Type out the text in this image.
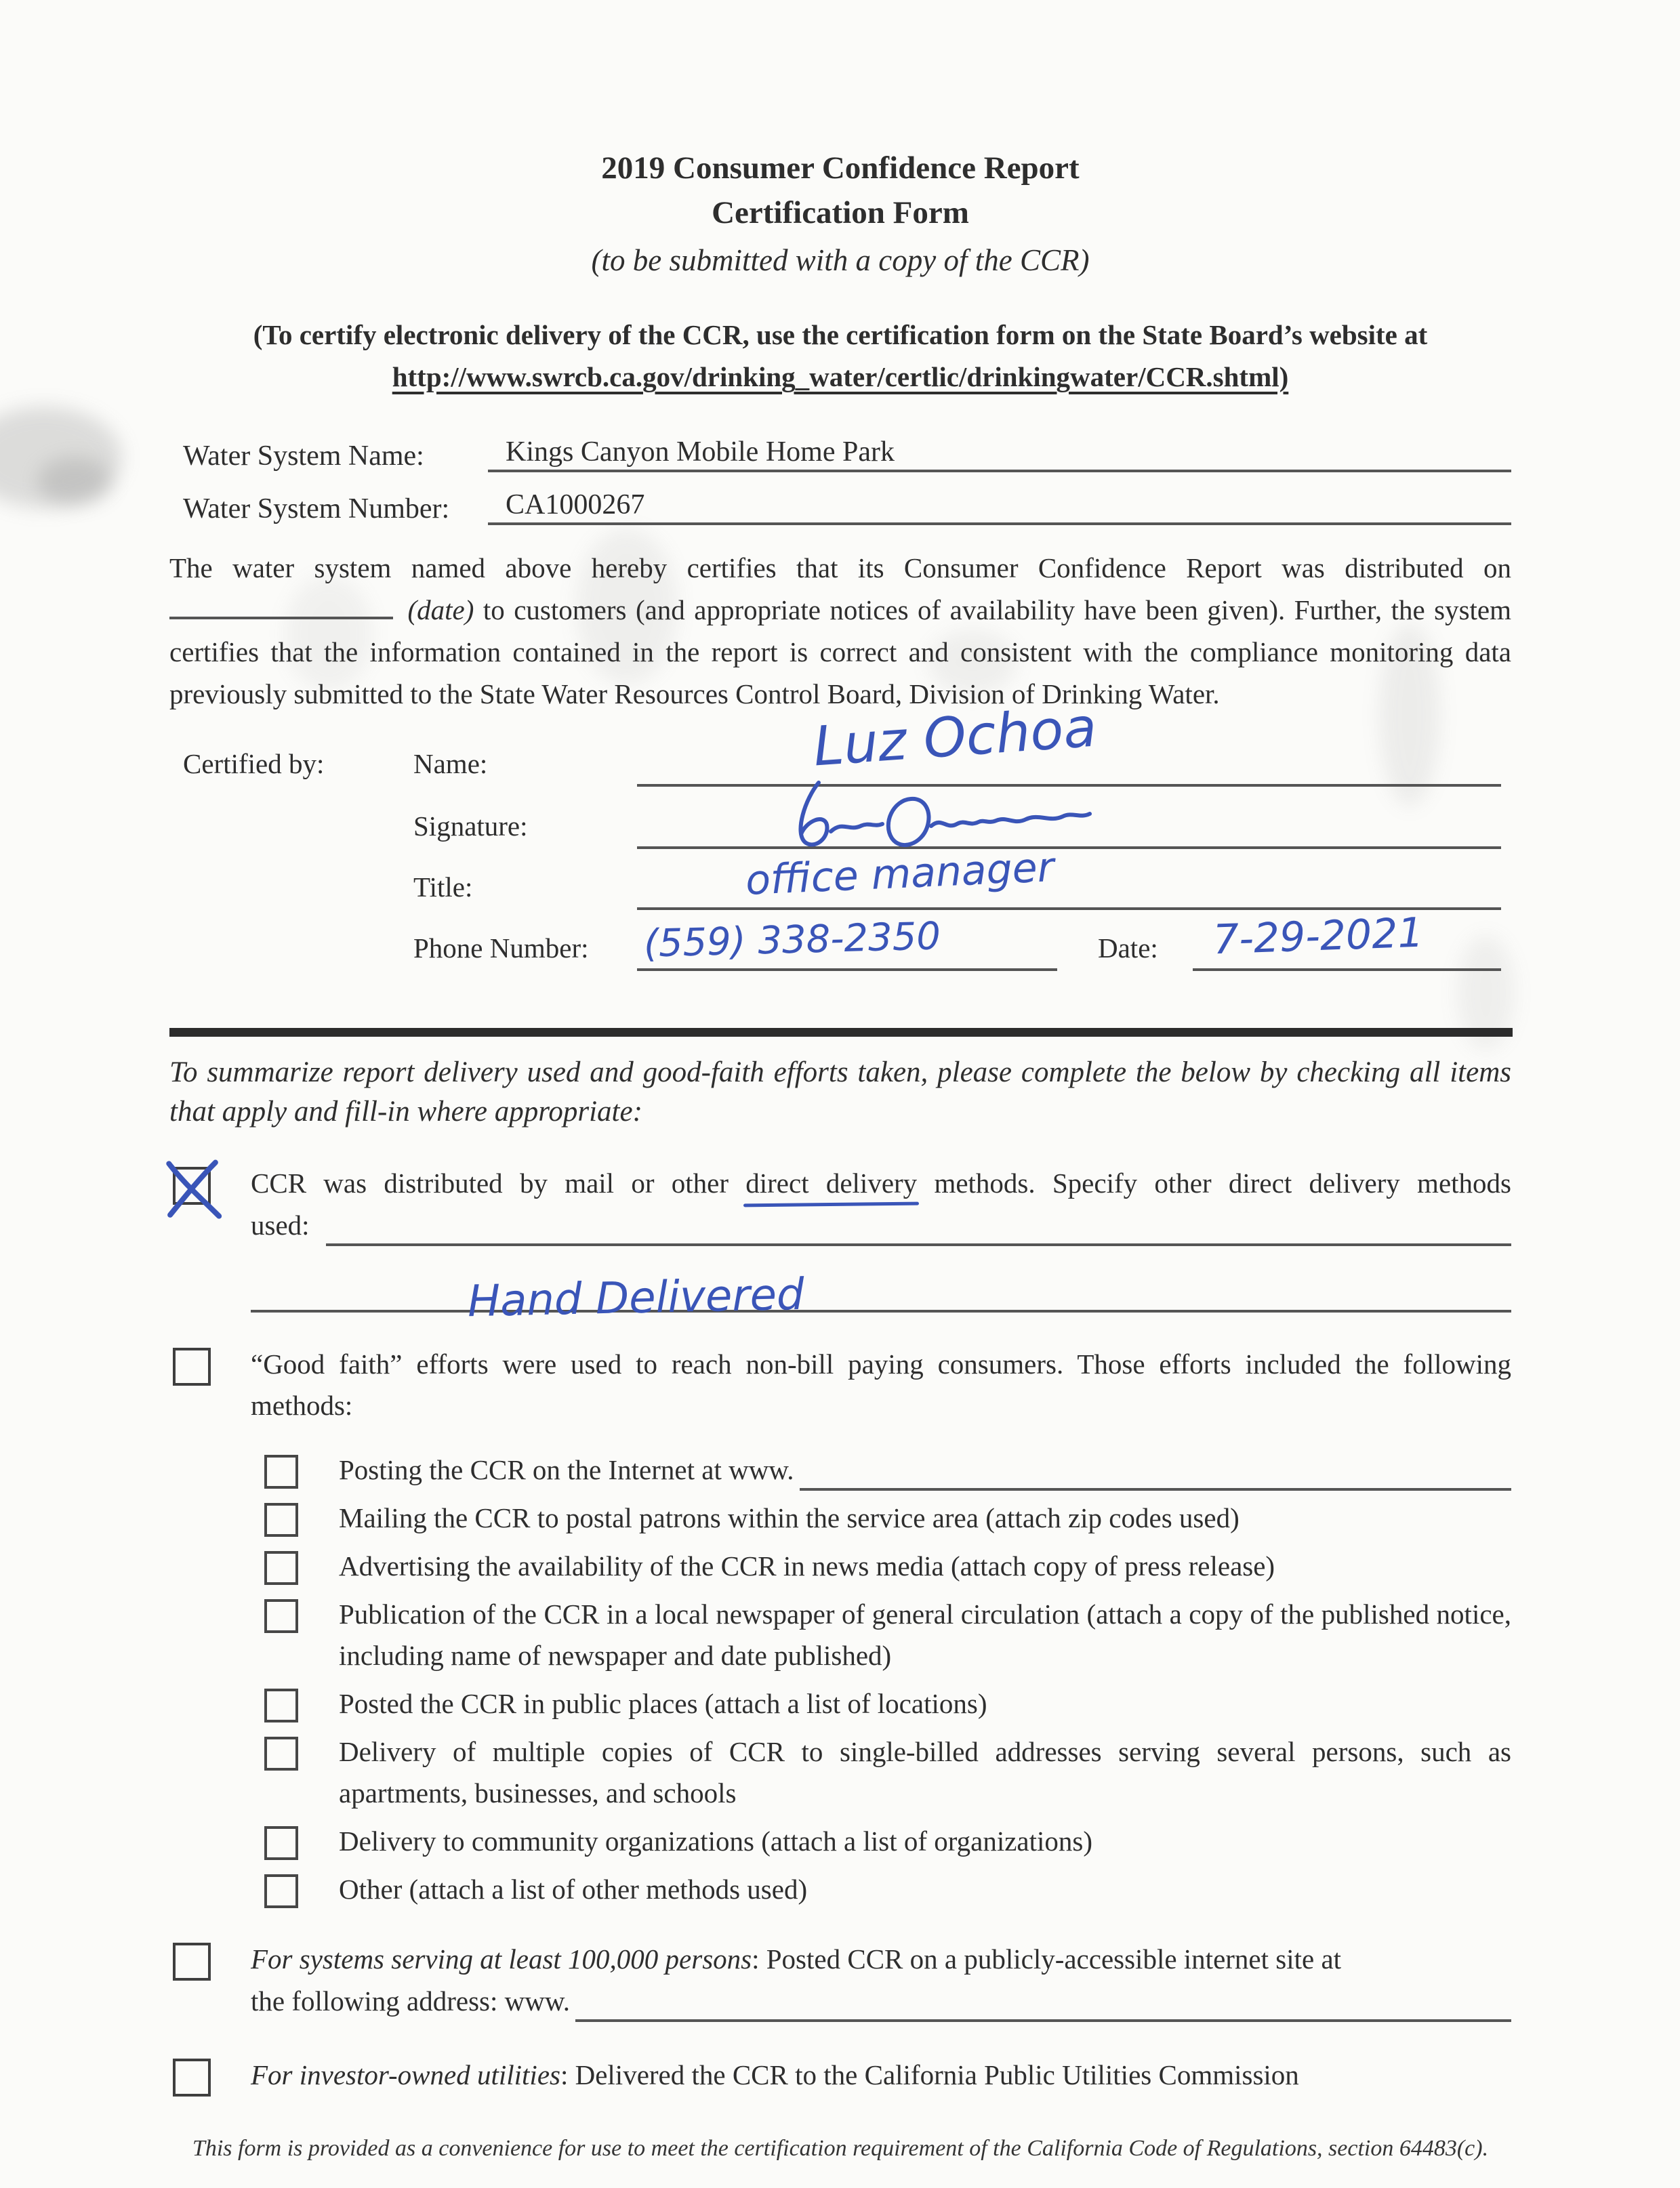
2019 Consumer Confidence Report
Certification Form
(to be submitted with a copy of the CCR)
(To certify electronic delivery of the CCR, use the certification form on the State Board’s website at
http://www.swrcb.ca.gov/drinking_water/certlic/drinkingwater/CCR.shtml)
Water System Name:	Kings Canyon Mobile Home Park
Water System Number:	CA1000267

The water system named above hereby certifies that its Consumer Confidence Report was distributed on  (date) to customers (and appropriate notices of availability have been given). Further, the system certifies that the information contained in the report is correct and consistent with the compliance monitoring data previously submitted to the State Water Resources Control Board, Division of Drinking Water.

Certified by:	Name:	Luz Ochoa
Signature:
Title:	office manager
Phone Number: (559) 338-2350	Date: 7-29-2021

To summarize report delivery used and good-faith efforts taken, please complete the below by checking all items that apply and fill-in where appropriate:

CCR was distributed by mail or other direct delivery methods. Specify other direct delivery methods
used:
Hand Delivered
“Good faith” efforts were used to reach non-bill paying consumers. Those efforts included the following methods:
Posting the CCR on the Internet at www.
Mailing the CCR to postal patrons within the service area (attach zip codes used)
Advertising the availability of the CCR in news media (attach copy of press release)
Publication of the CCR in a local newspaper of general circulation (attach a copy of the published notice, including name of newspaper and date published)
Posted the CCR in public places (attach a list of locations)
Delivery of multiple copies of CCR to single-billed addresses serving several persons, such as apartments, businesses, and schools
Delivery to community organizations (attach a list of organizations)
Other (attach a list of other methods used)
For systems serving at least 100,000 persons: Posted CCR on a publicly-accessible internet site at
the following address: www.
For investor-owned utilities: Delivered the CCR to the California Public Utilities Commission
This form is provided as a convenience for use to meet the certification requirement of the California Code of Regulations, section 64483(c).
